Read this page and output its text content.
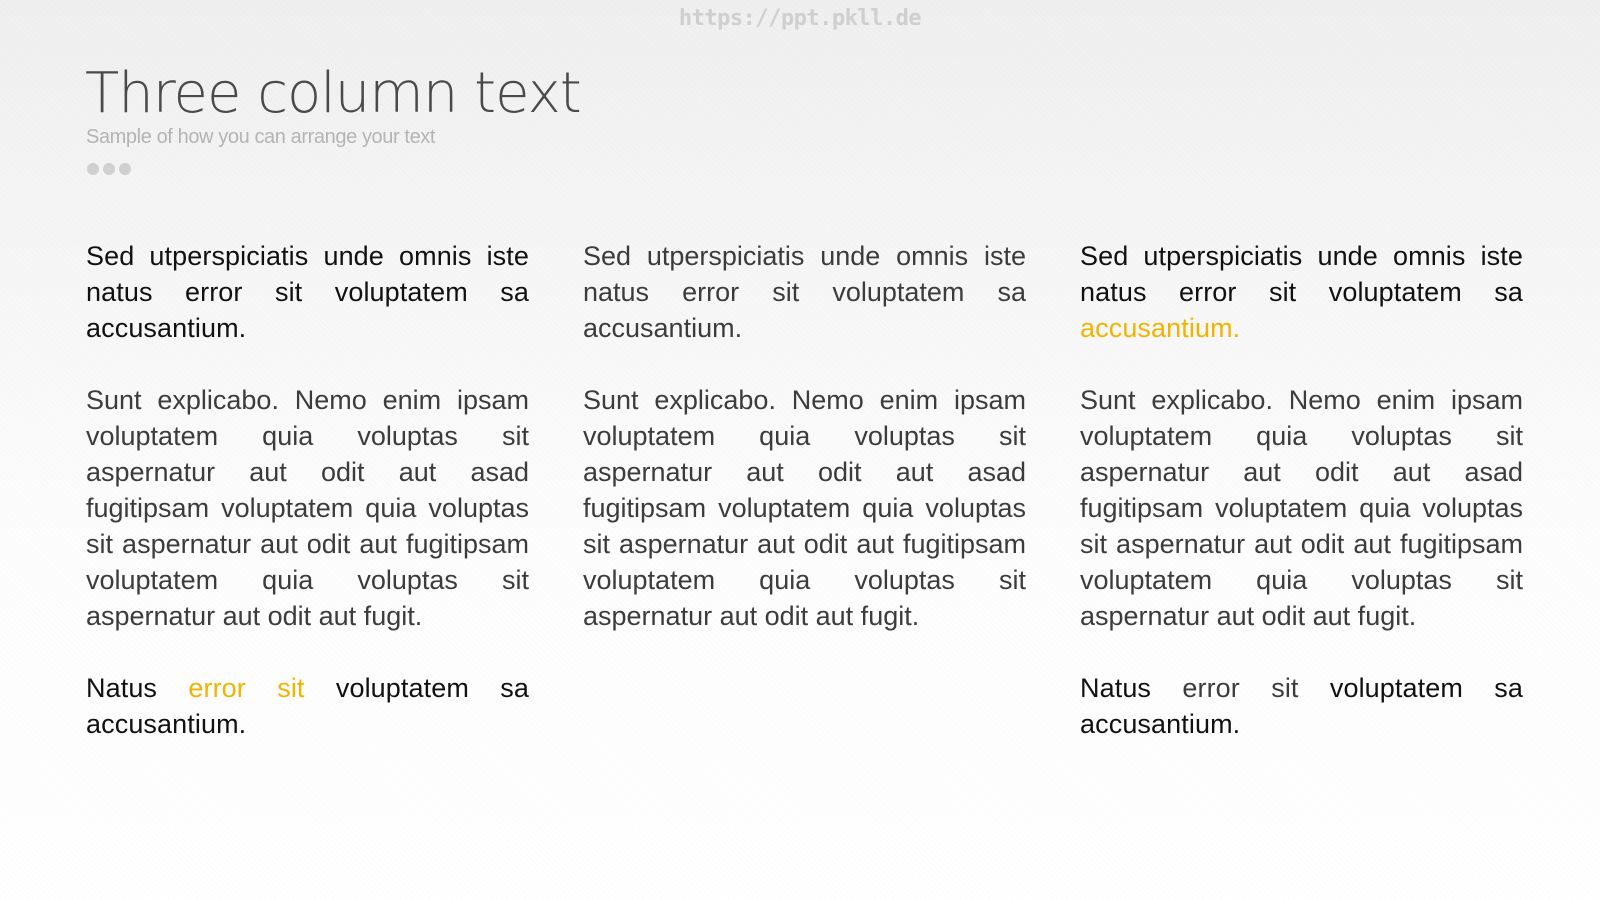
https://ppt.pkll.de
Three column text
Sample of how you can arrange your text

Sed utperspiciatis unde omnis iste natus error sit voluptatem sa accusantium.

Sunt explicabo. Nemo enim ipsam voluptatem quia voluptas sit aspernatur aut odit aut asad fugitipsam voluptatem quia voluptas sit aspernatur aut odit aut fugitipsam voluptatem quia voluptas sit aspernatur aut odit aut fugit.

Natus error sit voluptatem sa accusantium.

Sed utperspiciatis unde omnis iste natus error sit voluptatem sa accusantium.

Sunt explicabo. Nemo enim ipsam voluptatem quia voluptas sit aspernatur aut odit aut asad fugitipsam voluptatem quia voluptas sit aspernatur aut odit aut fugitipsam voluptatem quia voluptas sit aspernatur aut odit aut fugit.

Sed utperspiciatis unde omnis iste natus error sit voluptatem sa accusantium.

Sunt explicabo. Nemo enim ipsam voluptatem quia voluptas sit aspernatur aut odit aut asad fugitipsam voluptatem quia voluptas sit aspernatur aut odit aut fugitipsam voluptatem quia voluptas sit aspernatur aut odit aut fugit.

Natus error sit voluptatem sa accusantium.
